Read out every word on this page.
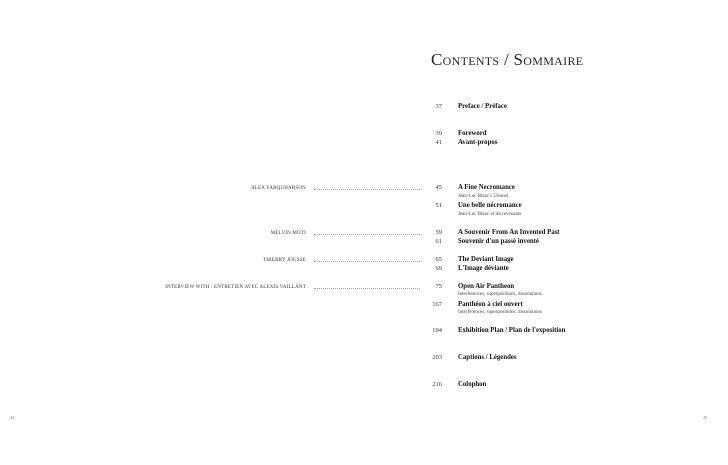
Contents / Sommaire
37 Preface / Préface
39 Foreword
41 Avant-propos
45 A Fine Necromance
51 Une belle nécromance
59 A Souvenir From An Invented Past
61 Souvenir d'un passé inventé
65 The Deviant Image
69 L'Image déviante
75 Open Air Pantheon
167 Panthéon à ciel ouvert
194 Exhibition Plan / Plan de l'exposition
203 Captions / Légendes
216 Colophon
Jean-Luc Blanc's Unread
Jean-Luc Blanc et les revenants
Interferences, superpositions, dissolutions
Interférences, superpositions, dissolutions
ALEX FARQUHARSON
MELVIN MOTI
THIERRY JOUSSE
INTERVIEW WITH / ENTRETIEN AVEC ALEXIS VAILLANT
44	45
